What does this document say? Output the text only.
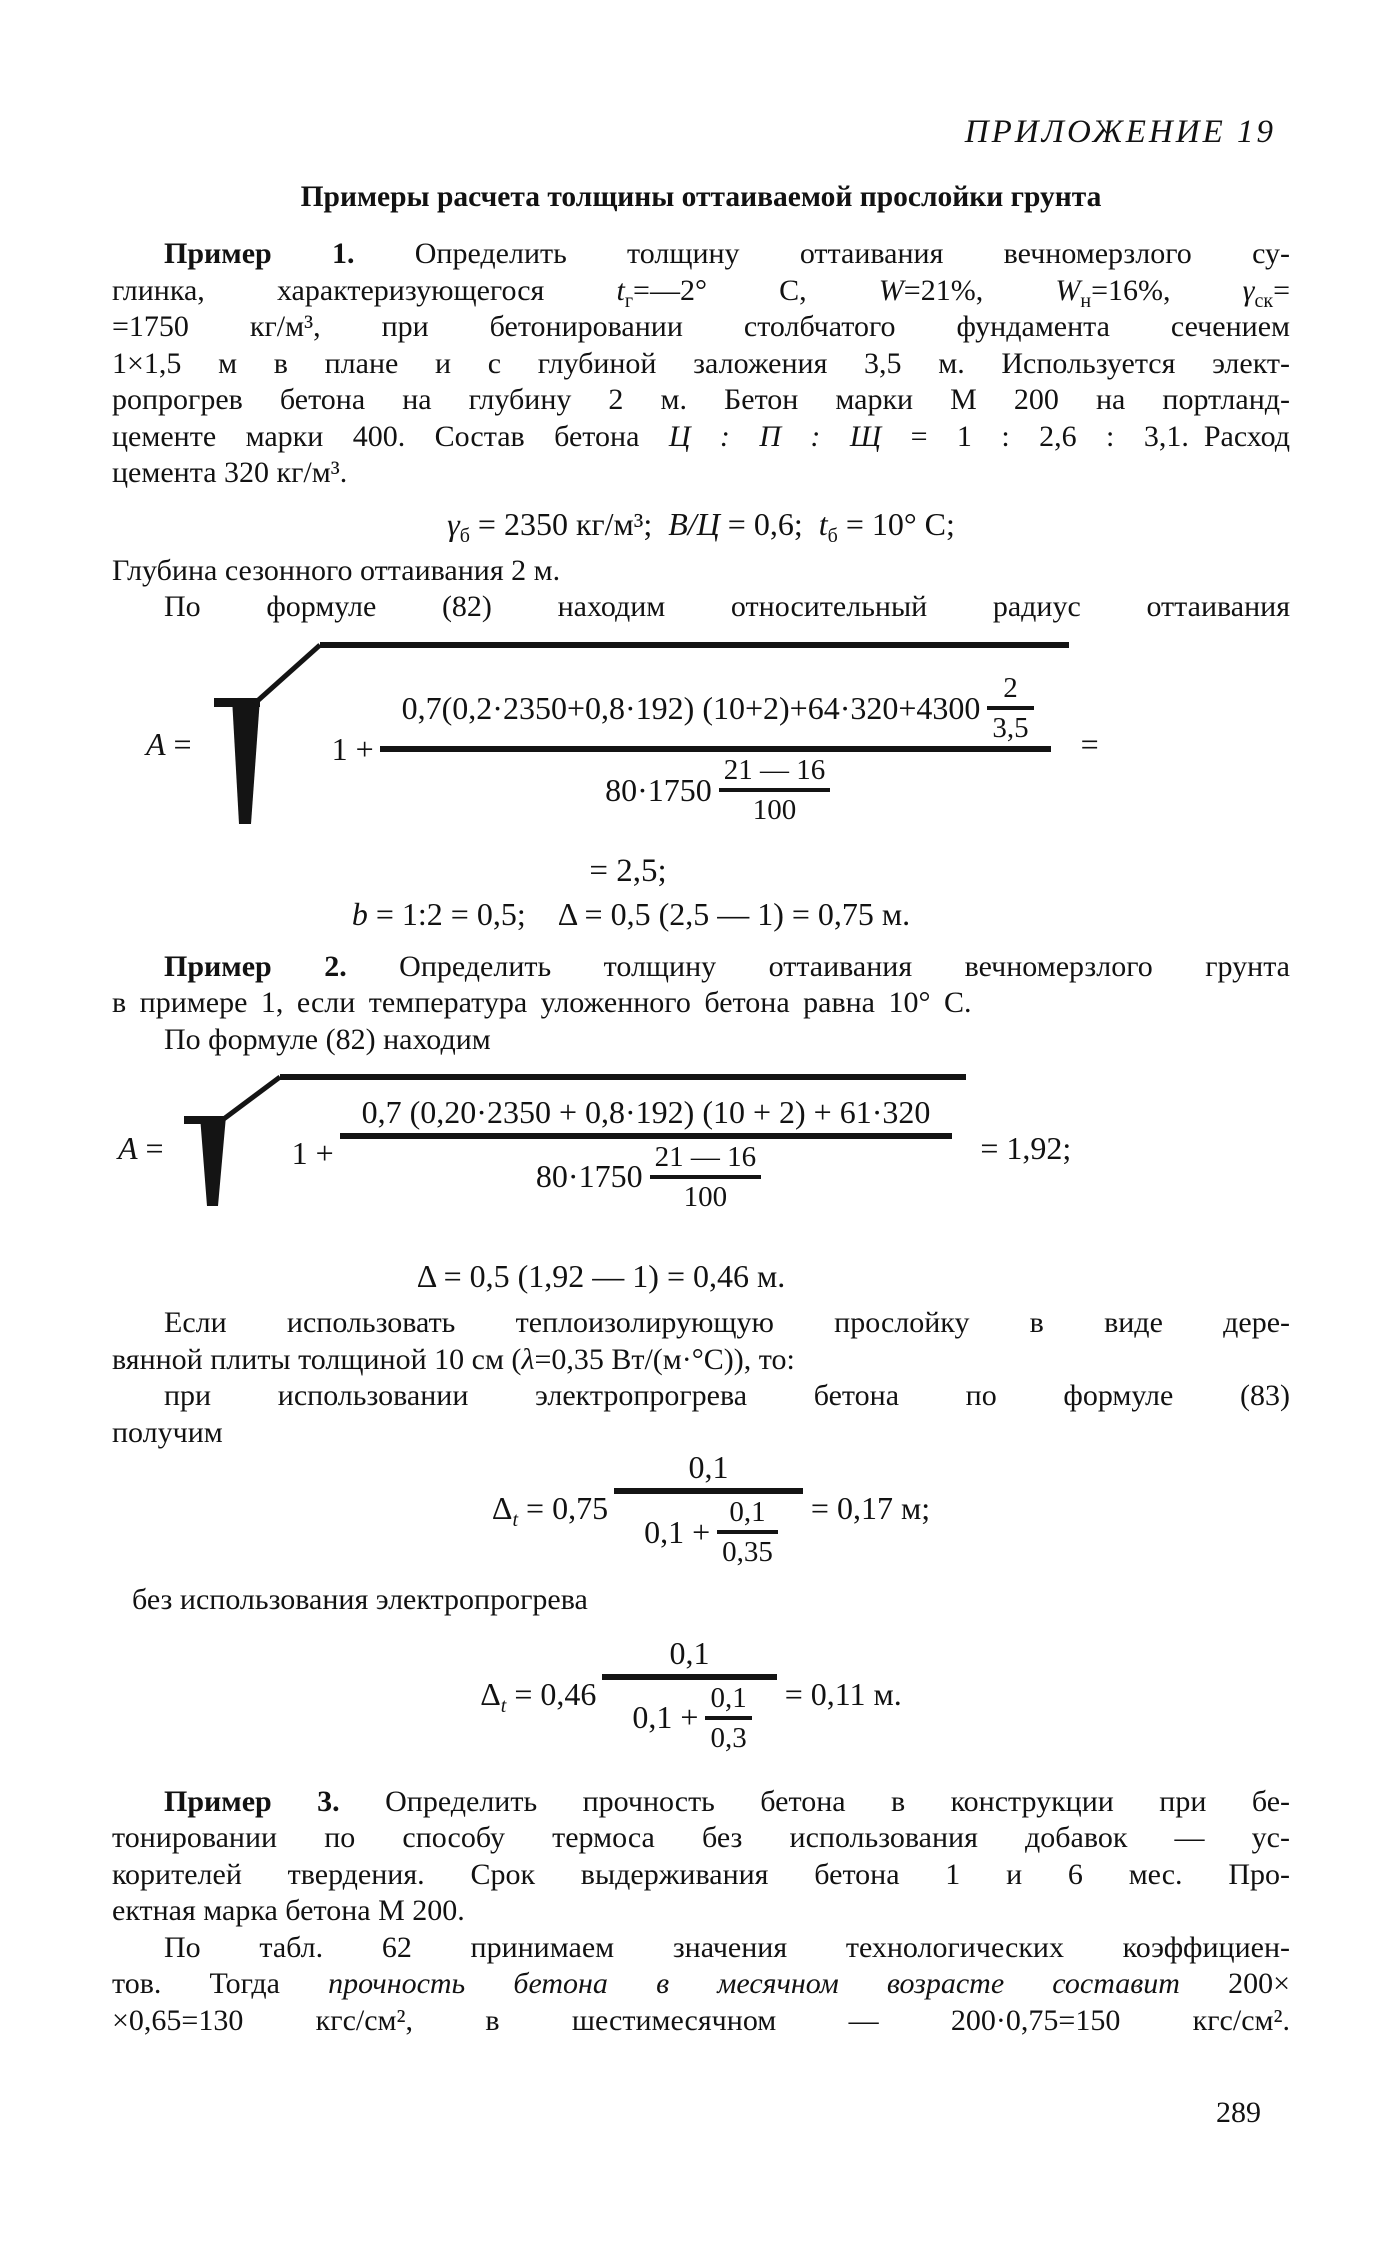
ПРИЛОЖЕНИЕ 19
Примеры расчета толщины оттаиваемой прослойки грунта
Пример 1. Определить толщину оттаивания вечномерзлого су-
глинка, характеризующегося $t_г=—2^\circ$ С, W=21%, $W_н=16\%$, $\gamma_{ск}=$
=1750 кг/м³, при бетонировании столбчатого фундамента сечением
1×1,5 м в плане и с глубиной заложения 3,5 м. Используется элект-
ропрогрев бетона на глубину 2 м. Бетон марки М 200 на портланд-
цементе марки 400. Состав бетона Ц : П : Щ = 1 : 2,6 : 3,1. Расход
цемента 320 кг/м³.
$\gamma_б = 2350$ кг/м³; В/Ц = 0,6; $t_б = 10^\circ$ С;
Глубина сезонного оттаивания 2 м.
По формуле (82) находим относительный радиус оттаивания
A =	1 +
0,7(0,2·2350+0,8·192) $(10+2)+64\cdot 320+4300 \frac{2}{3,5}$
$80\cdot 1750 \frac{21 — 16}{100}$
=
= 2,5;
b = 1:2 = 0,5; Δ = 0,5 (2,5 — 1) = 0,75 м.
Пример 2. Определить толщину оттаивания вечномерзлого грунта
в примере 1, если температура уложенного бетона равна 10° С.
По формуле (82) находим
A =	1 +
0,7 (0,20·2350 + 0,8·192) (10 + 2) + 61·320
$80\cdot 1750 \frac{21 — 16}{100}$	= 1,92;
Δ = 0,5 (1,92 — 1) = 0,46 м.
Если использовать теплоизолирующую прослойку в виде дере-
вянной плиты толщиной 10 см (λ=0,35 Вт/(м·°С)), то:
при использовании электропрогрева бетона по формуле (83)
получим
$\Delta_t = 0,75$
0,1
$0,1 + \frac{0,1}{0,35} = 0,17$ м;
без использования электропрогрева
$\Delta_t = 0,46$
0,1
$0,1 + \frac{0,1}{0,3} = 0,11$ м.
Пример 3. Определить прочность бетона в конструкции при бе-
тонировании по способу термоса без использования добавок — ус-
корителей твердения. Срок выдерживания бетона 1 и 6 мес. Про-
ектная марка бетона М 200.
По табл. 62 принимаем значения технологических коэффициен-
тов. Тогда прочность бетона в месячном возрасте составит 200×
×0,65=130 кгс/см², в шестимесячном — 200·0,75=150 кгс/см².
289
